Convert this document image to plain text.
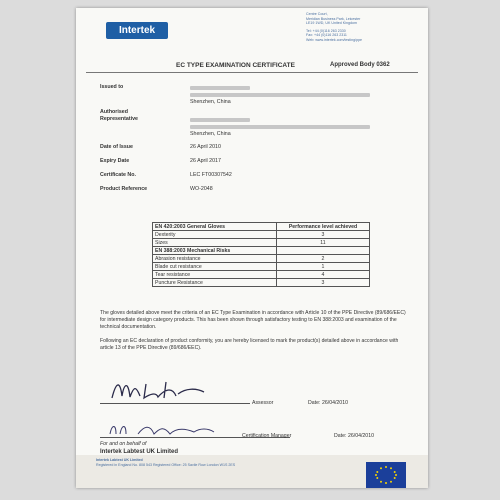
Intertek
Centre Court,
Meridian Business Park, Leicester
LE19 1WD, UK United Kingdom
Tel: +44 (0)116 263 2330
Fax: +44 (0)116 263 2311
Web: www.intertek.com/testing/ppe
EC TYPE EXAMINATION CERTIFICATE	Approved Body 0362
Issued to
Shenzhen, China
Authorised
Representative
Shenzhen, China
Date of Issue	26 April 2010
Expiry Date	26 April 2017
Certificate No.	LEC FT00307542
Product Reference	WO-2048
EN 420:2003 General Gloves	Performance level achieved
Dexterity	3
Sizes	11
EN 388:2003 Mechanical Risks	
Abrasion resistance	2
Blade cut resistance	1
Tear resistance	4
Puncture Resistance	3
The gloves detailed above meet the criteria of an EC Type Examination in accordance with Article 10 of the PPE Directive (89/686/EEC) for intermediate design category products. This has been shown through satisfactory testing to EN 388:2003 and examination of the technical documentation.
Following an EC declaration of product conformity, you are hereby licensed to mark the product(s) detailed above in accordance with article 13 of the PPE Directive (89/686/EEC).
Assessor	Date: 26/04/2010
Certification Manager	Date: 26/04/2010
For and on behalf of
Intertek Labtest UK Limited
Intertek Labtest UK Limited
Registered in England No. 808 543 Registered Office: 25 Savile Row London W1S 2ES
